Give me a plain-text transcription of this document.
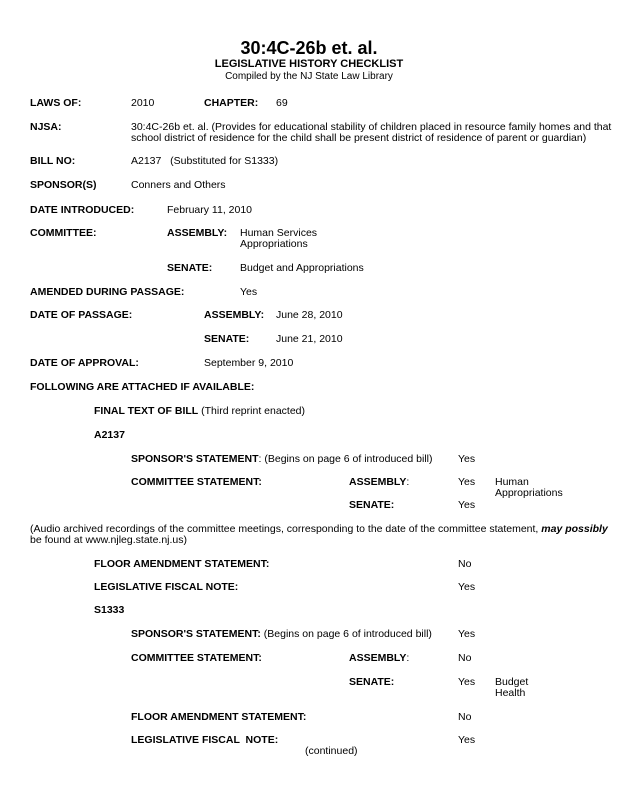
30:4C-26b et. al.
LEGISLATIVE HISTORY CHECKLIST
Compiled by the NJ State Law Library
LAWS OF:	2010	CHAPTER: 69
NJSA:	30:4C-26b et. al. (Provides for educational stability of children placed in resource family homes and that
school district of residence for the child shall be present district of residence of parent or guardian)
BILL NO:	A2137   (Substituted for S1333)
SPONSOR(S)	Conners and Others
DATE INTRODUCED:	February 11, 2010
COMMITTEE:	ASSEMBLY: Human Services
Appropriations
SENATE:	Budget and Appropriations
AMENDED DURING PASSAGE:	Yes
DATE OF PASSAGE:	ASSEMBLY: June 28, 2010
SENATE:	June 21, 2010
DATE OF APPROVAL:	September 9, 2010
FOLLOWING ARE ATTACHED IF AVAILABLE:
FINAL TEXT OF BILL (Third reprint enacted)
A2137
SPONSOR'S STATEMENT: (Begins on page 6 of introduced bill) Yes
COMMITTEE STATEMENT:	ASSEMBLY:	Yes Human
Appropriations
SENATE:	Yes
(Audio archived recordings of the committee meetings, corresponding to the date of the committee statement, may possibly
be found at www.njleg.state.nj.us)
FLOOR AMENDMENT STATEMENT:	No
LEGISLATIVE FISCAL NOTE:	Yes
S1333
SPONSOR'S STATEMENT: (Begins on page 6 of introduced bill) Yes
COMMITTEE STATEMENT:	ASSEMBLY:	No
SENATE:	Yes Budget
Health
FLOOR AMENDMENT STATEMENT:	No
LEGISLATIVE FISCAL  NOTE:	Yes
(continued)
